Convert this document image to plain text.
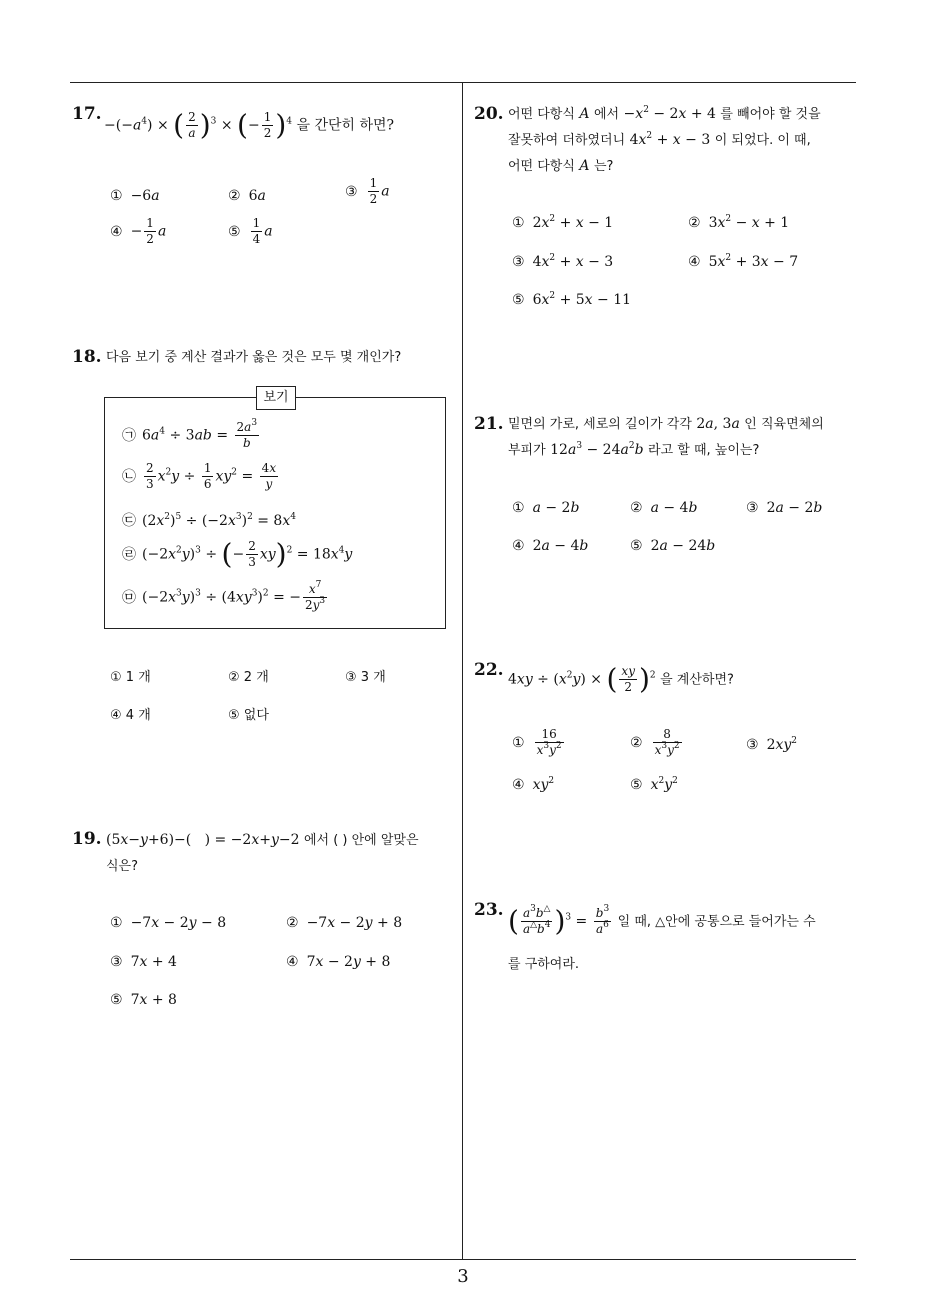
17.
$-(-a^4)$ × ( $\frac{2}{a} )^3$ × (− $\frac{1}{2} )^4$ 을 간단히 하면?
① −6a	② 6a	③ $\frac{1}{2}$ a
④ − $\frac{1}{2}$ a	⑤ $\frac{1}{4}$ a
18. 다음 보기 중 계산 결과가 옳은 것은 모두 몇 개인가?
보기
㉠ $6a^4 \div 3ab = \frac{2a^3}{b}$
㉡ $\frac{2}{3} x^2y \div \frac{1}{6} xy^2 = \frac{4x}{y}$
㉢ $(2x^2)^5 \div (-2x^3)^2 = 8x^4$
㉣ $(-2x^2y)^3$ ÷ (− $\frac{2}{3} xy)^2 = 18x^4y$
㉤ $(-2x^3y)^3 \div (4xy^3)^2$ = − $\frac{x^7}{2y^3}$
① 1 개	② 2 개	③ 3 개
④ 4 개	⑤ 없다
19. (5x−y+6)−(   ) = −2x+y−2 에서 ( ) 안에 알맞은
식은?
① −7x − 2y − 8	② −7x − 2y + 8
③ 7x + 4	④ 7x − 2y + 8
⑤ 7x + 8
20. 어떤 다항식 A 에서 $-x^2 - 2x + 4$ 를 빼어야 할 것을
잘못하여 더하였더니 $4x^2 + x - 3$ 이 되었다. 이 때,
어떤 다항식 A 는?
① $2x^2 + x - 1$	② $3x^2 - x + 1$
③ $4x^2 + x - 3$	④ $5x^2 + 3x - 7$
⑤ $6x^2 + 5x - 11$
21. 밑면의 가로, 세로의 길이가 각각 2a, 3a 인 직육면체의
부피가 $12a^3 - 24a^2b$ 라고 할 때, 높이는?
① a − 2b	② a − 4b	③ 2a − 2b
④ 2a − 4b	⑤ 2a − 24b
22. $4xy \div (x^2y)$ × ( $\frac{xy}{2} )^2$ 을 계산하면?
① $\frac{16}{x^3y^2}$	② $\frac{8}{x^3y^2}$	③ $2xy^2$
④ $xy^2$	⑤ $x^2y^2$
23. ( $\frac{a^3b^\triangle}{a^\triangle b^4} )^3 = \frac{b^3}{a^6}$ 일 때, △안에 공통으로 들어가는 수
를 구하여라.
3
